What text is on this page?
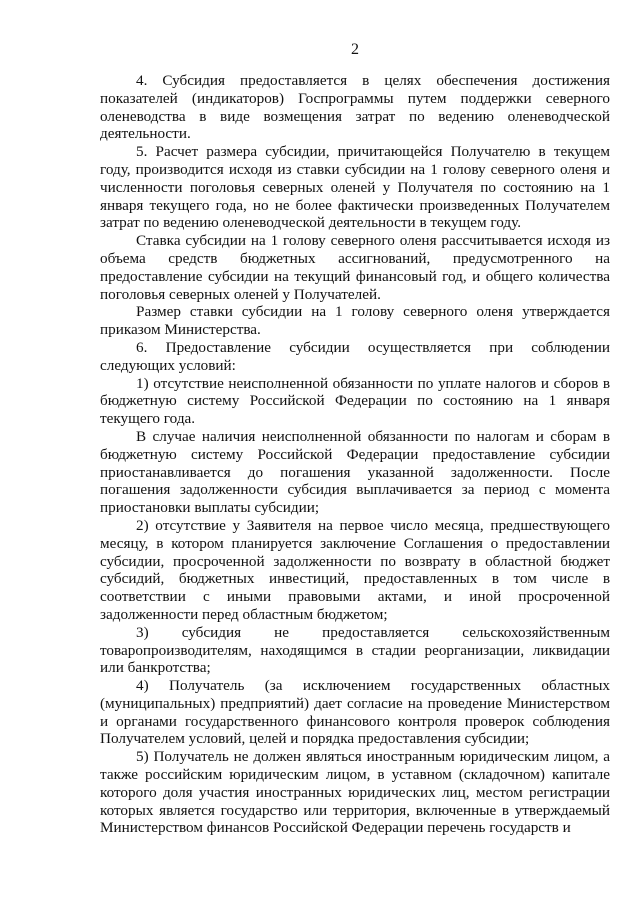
2

4. Субсидия предоставляется в целях обеспечения достижения показателей (индикаторов) Госпрограммы путем поддержки северного оленеводства в виде возмещения затрат по ведению оленеводческой деятельности.

5. Расчет размера субсидии, причитающейся Получателю в текущем году, производится исходя из ставки субсидии на 1 голову северного оленя и численности поголовья северных оленей у Получателя по состоянию на 1 января текущего года, но не более фактически произведенных Получателем затрат по ведению оленеводческой деятельности в текущем году.

Ставка субсидии на 1 голову северного оленя рассчитывается исходя из объема средств бюджетных ассигнований, предусмотренного на предоставление субсидии на текущий финансовый год, и общего количества поголовья северных оленей у Получателей.

Размер ставки субсидии на 1 голову северного оленя утверждается приказом Министерства.

6. Предоставление субсидии осуществляется при соблюдении следующих условий:

1) отсутствие неисполненной обязанности по уплате налогов и сборов в бюджетную систему Российской Федерации по состоянию на 1 января текущего года.

В случае наличия неисполненной обязанности по налогам и сборам в бюджетную систему Российской Федерации предоставление субсидии приостанавливается до погашения указанной задолженности. После погашения задолженности субсидия выплачивается за период с момента приостановки выплаты субсидии;

2) отсутствие у Заявителя на первое число месяца, предшествующего месяцу, в котором планируется заключение Соглашения о предоставлении субсидии, просроченной задолженности по возврату в областной бюджет субсидий, бюджетных инвестиций, предоставленных в том числе в соответствии с иными правовыми актами, и иной просроченной задолженности перед областным бюджетом;

3) субсидия не предоставляется сельскохозяйственным товаропроизводителям, находящимся в стадии реорганизации, ликвидации или банкротства;

4) Получатель (за исключением государственных областных (муниципальных) предприятий) дает согласие на проведение Министерством и органами государственного финансового контроля проверок соблюдения Получателем условий, целей и порядка предоставления субсидии;

5) Получатель не должен являться иностранным юридическим лицом, а также российским юридическим лицом, в уставном (складочном) капитале которого доля участия иностранных юридических лиц, местом регистрации которых является государство или территория, включенные в утверждаемый Министерством финансов Российской Федерации перечень государств и
